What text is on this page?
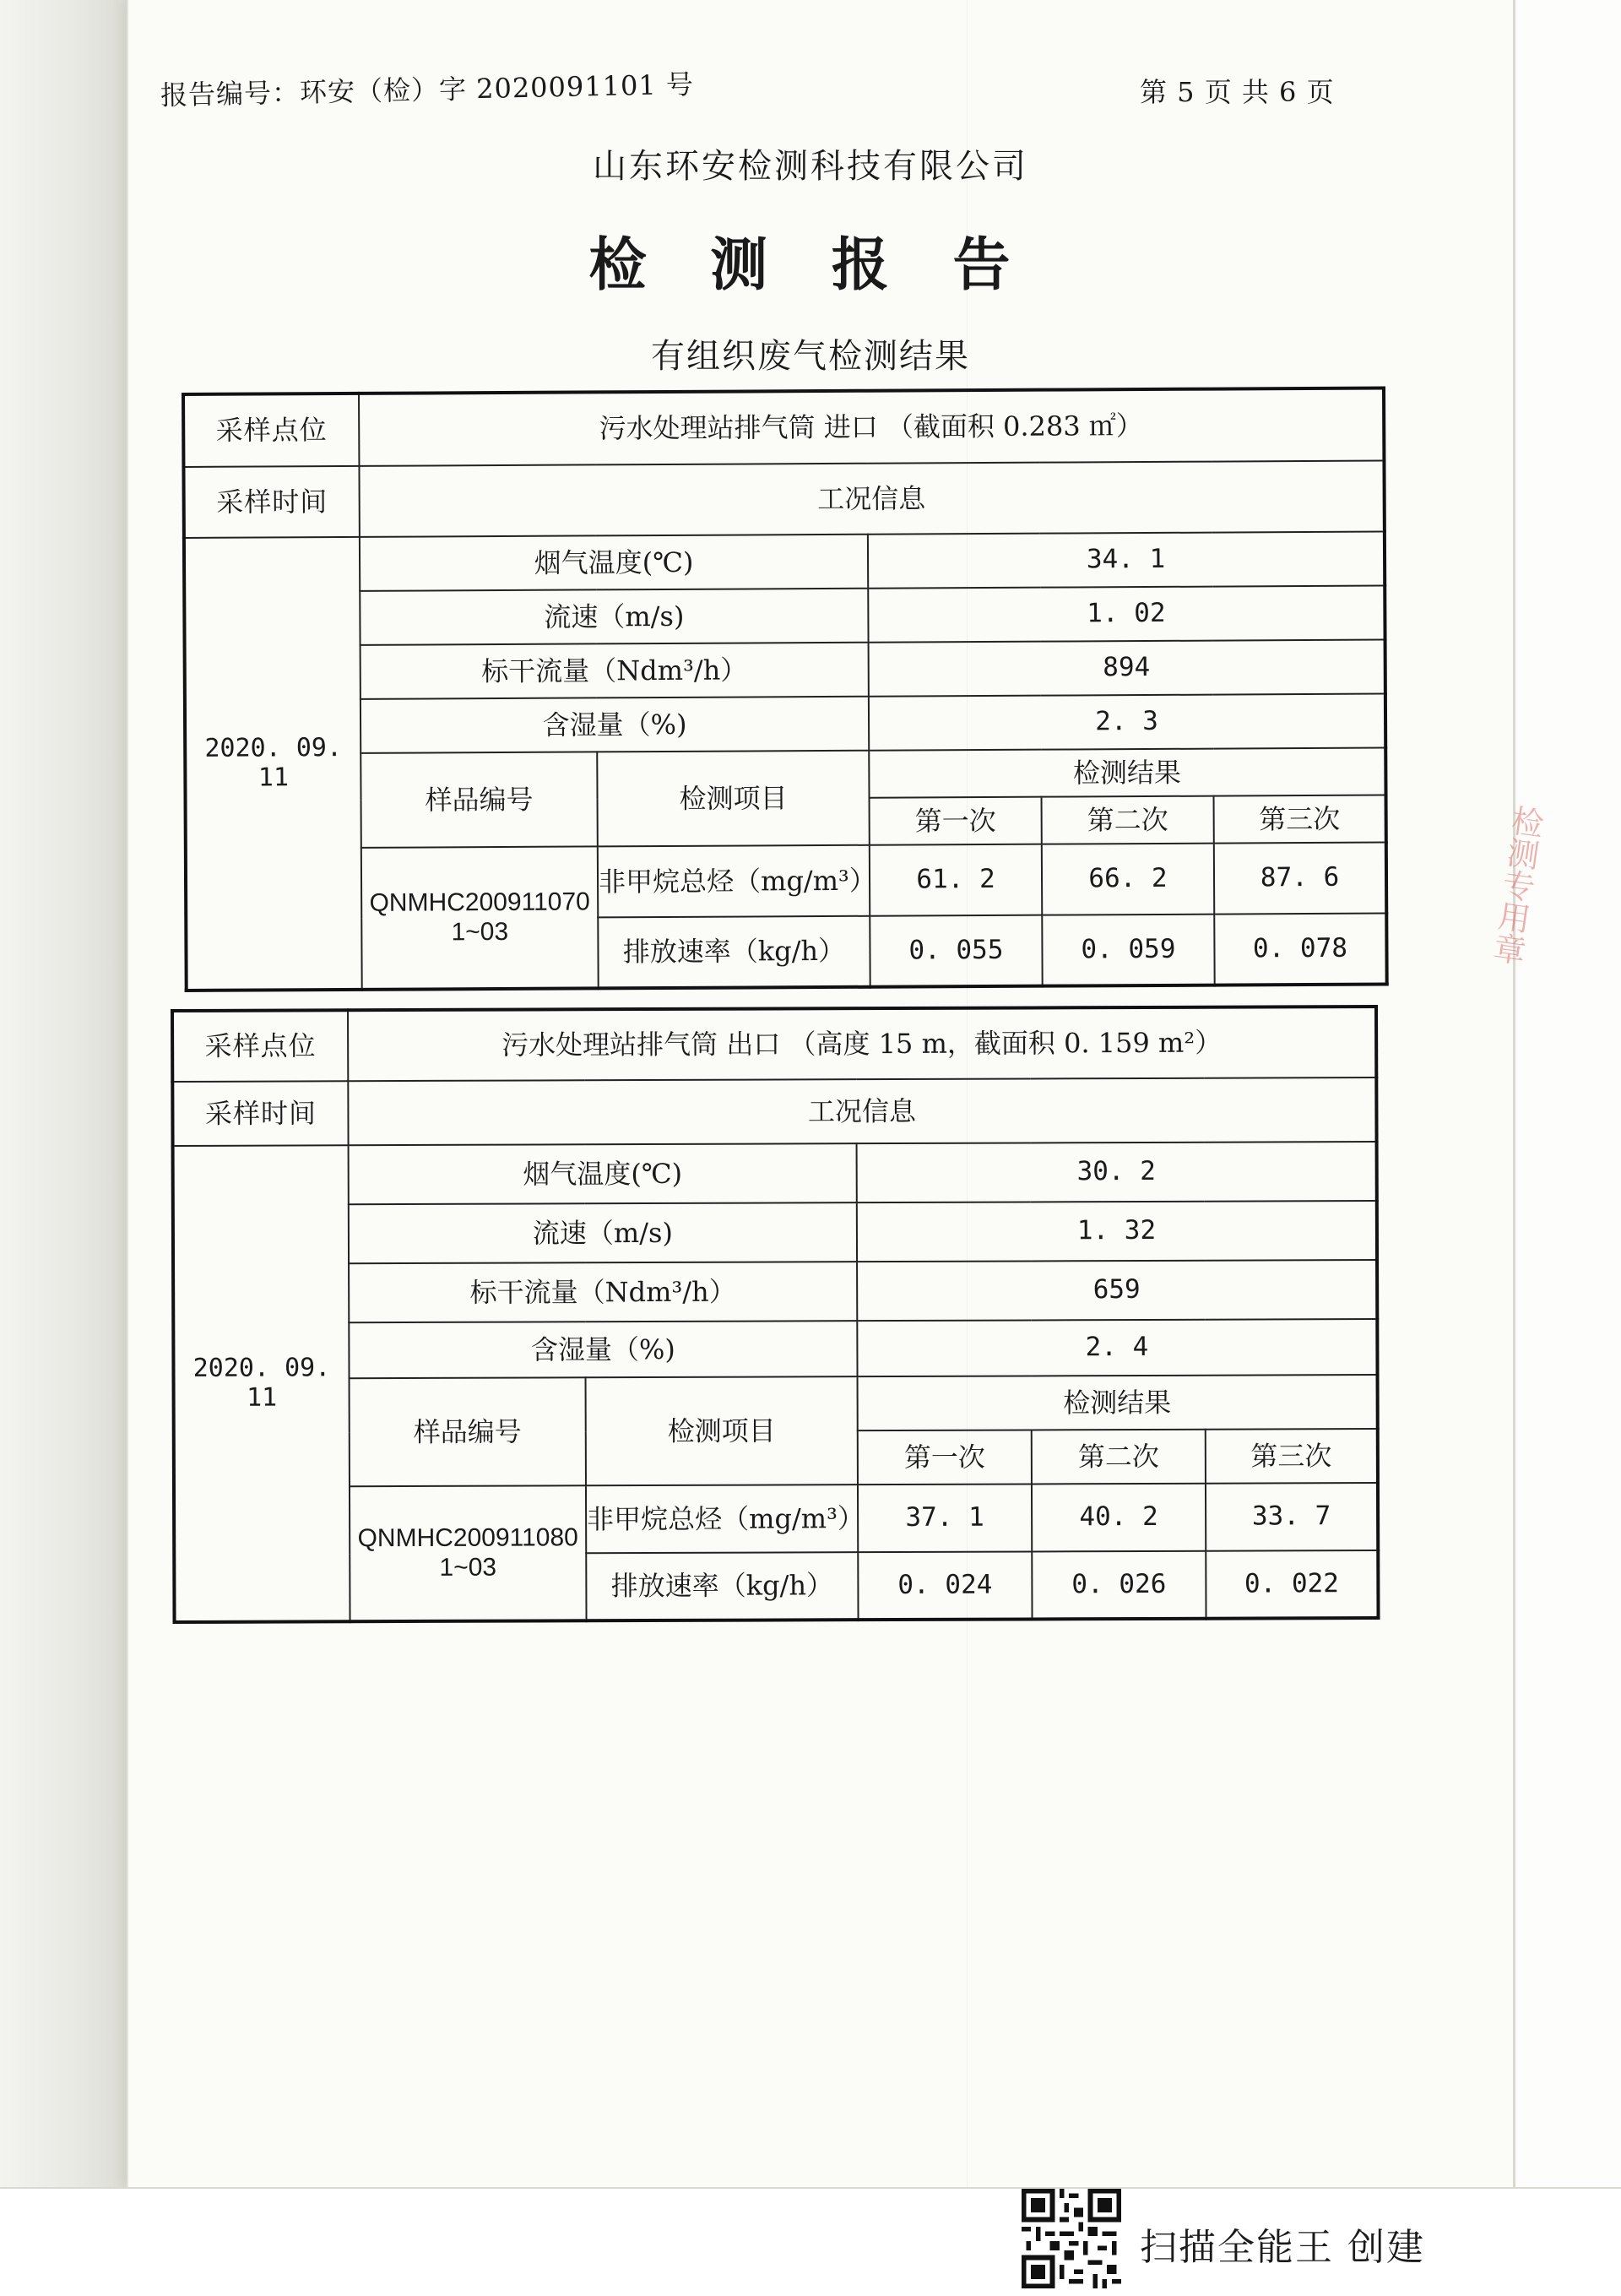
报告编号：环安（检）字 2020091101 号	第 5 页 共 6 页
山东环安检测科技有限公司
检 测 报 告
有组织废气检测结果
采样点位	污水处理站排气筒 进口 （截面积 0.283 ㎡）				
采样时间	工况信息				
2020. 09. 11	烟气温度(℃)		34. 1		
	流速（m/s)		1. 02		
	标干流量（Ndm³/h）		894		
	含湿量（%)		2. 3		
	样品编号	检测项目	检测结果		
			第一次	第二次	第三次

	QNMHC200911070
1~03	非甲烷总烃（mg/m³）	61. 2	66. 2	87. 6
		排放速率（kg/h）	0. 055	0. 059	0. 078
采样点位	污水处理站排气筒 出口 （高度 15 m，截面积 0. 159 m²）				
采样时间	工况信息				
2020. 09. 11	烟气温度(℃)		30. 2		
	流速（m/s)		1. 32		
	标干流量（Ndm³/h）		659		
	含湿量（%)		2. 4		
	样品编号	检测项目	检测结果		
			第一次	第二次	第三次

	QNMHC200911080
1~03	非甲烷总烃（mg/m³）	37. 1	40. 2	33. 7
		排放速率（kg/h）	0. 024	0. 026	0. 022
检测专用章
扫描全能王 创建
